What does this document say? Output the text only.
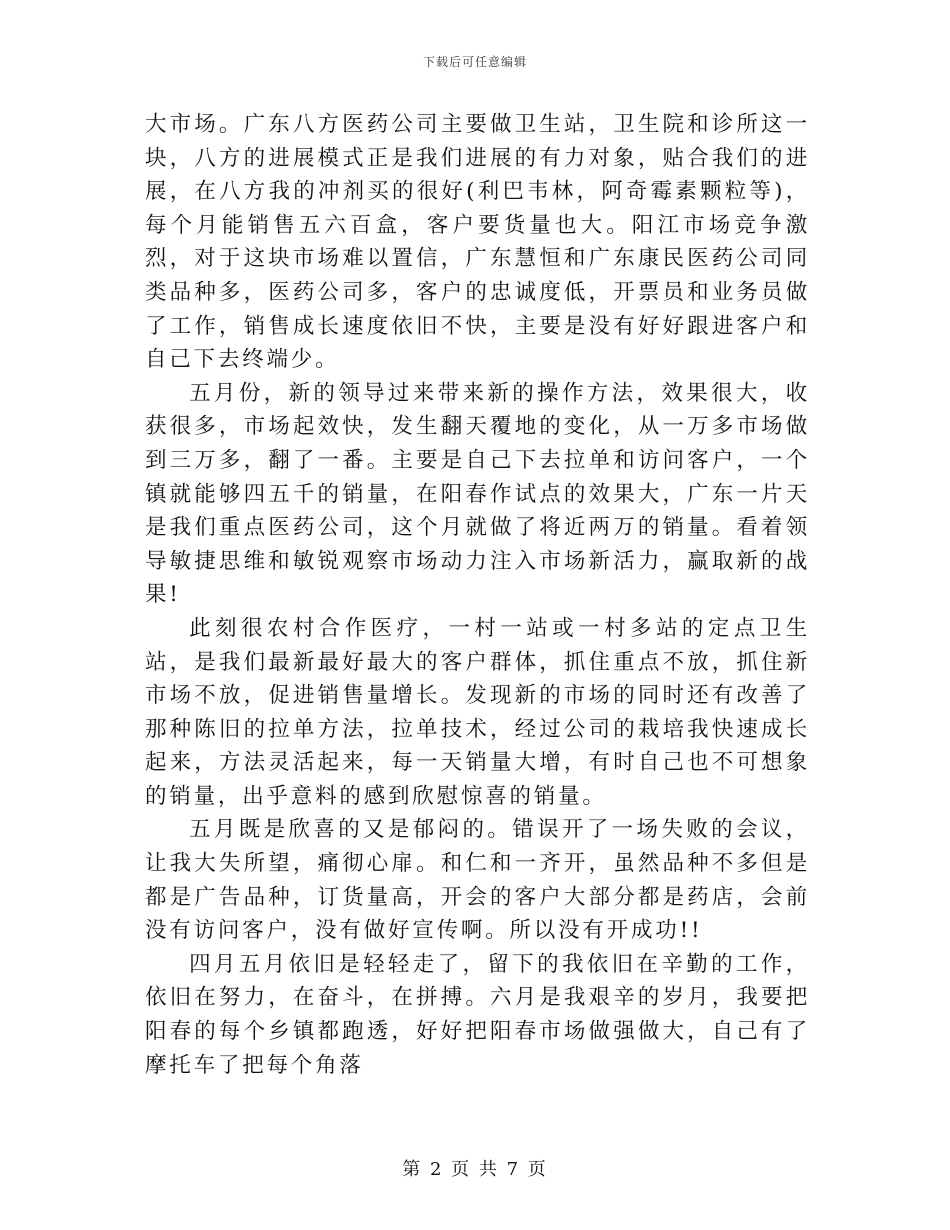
下载后可任意编辑

大市场。广东八方医药公司主要做卫生站，卫生院和诊所这一块，八方的进展模式正是我们进展的有力对象，贴合我们的进展，在八方我的冲剂买的很好(利巴韦林，阿奇霉素颗粒等)，每个月能销售五六百盒，客户要货量也大。阳江市场竞争激烈，对于这块市场难以置信，广东慧恒和广东康民医药公司同类品种多，医药公司多，客户的忠诚度低，开票员和业务员做了工作，销售成长速度依旧不快，主要是没有好好跟进客户和自己下去终端少。

五月份，新的领导过来带来新的操作方法，效果很大，收获很多，市场起效快，发生翻天覆地的变化，从一万多市场做到三万多，翻了一番。主要是自己下去拉单和访问客户，一个镇就能够四五千的销量，在阳春作试点的效果大，广东一片天是我们重点医药公司，这个月就做了将近两万的销量。看着领导敏捷思维和敏锐观察市场动力注入市场新活力，赢取新的战果!

此刻很农村合作医疗，一村一站或一村多站的定点卫生站，是我们最新最好最大的客户群体，抓住重点不放，抓住新市场不放，促进销售量增长。发现新的市场的同时还有改善了那种陈旧的拉单方法，拉单技术，经过公司的栽培我快速成长起来，方法灵活起来，每一天销量大增，有时自己也不可想象的销量，出乎意料的感到欣慰惊喜的销量。

五月既是欣喜的又是郁闷的。错误开了一场失败的会议，让我大失所望，痛彻心扉。和仁和一齐开，虽然品种不多但是都是广告品种，订货量高，开会的客户大部分都是药店，会前没有访问客户，没有做好宣传啊。所以没有开成功!!

四月五月依旧是轻轻走了，留下的我依旧在辛勤的工作，依旧在努力，在奋斗，在拼搏。六月是我艰辛的岁月，我要把阳春的每个乡镇都跑透，好好把阳春市场做强做大，自己有了摩托车了把每个角落

第 2 页 共 7 页
